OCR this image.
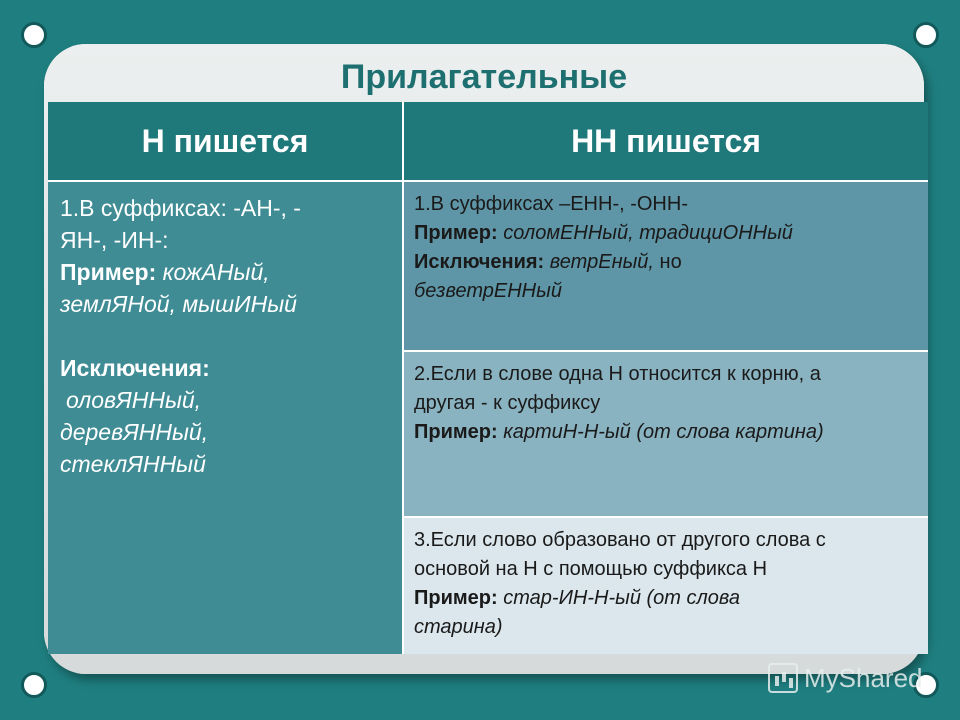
Прилагательные
Н пишется	НН пишется
1.В суффиксах: -АН-, -
ЯН-, -ИН-:
Пример: кожАНый,
землЯНой, мышИНый
Исключения:
оловЯННый,
деревЯННый,
стеклЯННый
1.В суффиксах –ЕНН-, -ОНН-
Пример: соломЕННый, традициОННый
Исключения: ветрЕный, но
безветрЕННый
2.Если в слове одна Н относится к корню, а
другая - к суффиксу
Пример: картиН-Н-ый (от слова картина)
3.Если слово образовано от другого слова с
основой на Н с помощью суффикса Н
Пример: стар-ИН-Н-ый (от слова
старина)
MyShared
